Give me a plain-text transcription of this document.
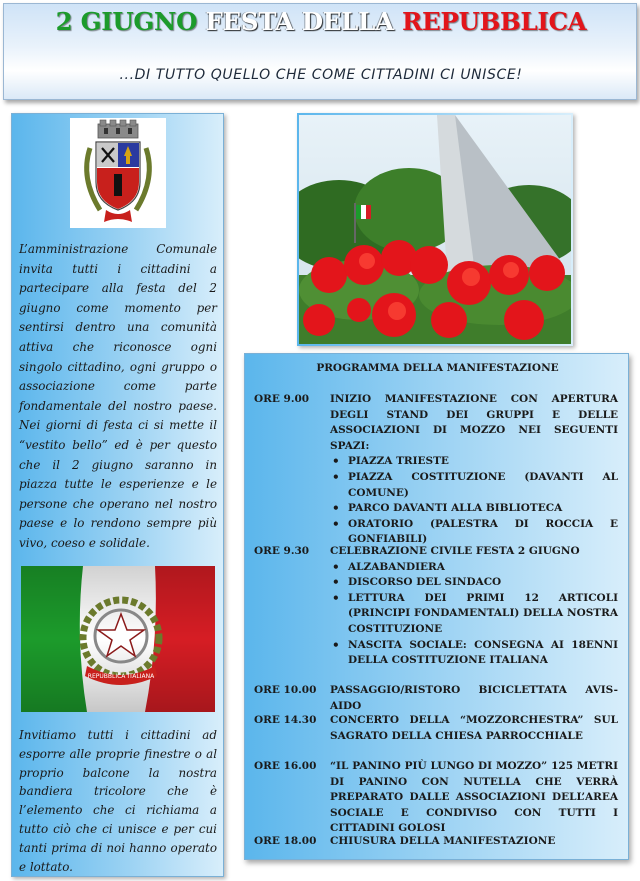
2 GIUGNO FESTA DELLA REPUBBLICA
...DI TUTTO QUELLO CHE COME CITTADINI CI UNISCE!
L’amministrazione Comunale invita tutti i cittadini a partecipare alla festa del 2 giugno come momento per sentirsi dentro una comunità attiva che riconosce ogni singolo cittadino, ogni gruppo o associazione come parte fondamentale del nostro paese. Nei giorni di festa ci si mette il “vestito bello” ed è per questo che il 2 giugno saranno in piazza tutte le esperienze e le persone che operano nel nostro paese e lo rendono sempre più vivo, coeso e solidale.
REPUBBLICA ITALIANA
Invitiamo tutti i cittadini ad esporre alle proprie finestre o al proprio balcone la nostra bandiera tricolore che è l’elemento che ci richiama a tutto ciò che ci unisce e per cui tanti prima di noi hanno operato e lottato.
PROGRAMMA DELLA MANIFESTAZIONE
ORE 9.00 INIZIO MANIFESTAZIONE CON APERTURA DEGLI STAND DEI GRUPPI E DELLE ASSOCIAZIONI DI MOZZO NEI SEGUENTI SPAZI:
• PIAZZA TRIESTE
• PIAZZA COSTITUZIONE (DAVANTI AL COMUNE)
• PARCO DAVANTI ALLA BIBLIOTECA
• ORATORIO (PALESTRA DI ROCCIA E GONFIABILI)
ORE 9.30 CELEBRAZIONE CIVILE FESTA 2 GIUGNO
• ALZABANDIERA
• DISCORSO DEL SINDACO
• LETTURA DEI PRIMI 12 ARTICOLI (PRINCIPI FONDAMENTALI) DELLA NOSTRA COSTITUZIONE
• NASCITA SOCIALE: CONSEGNA AI 18ENNI DELLA COSTITUZIONE ITALIANA
ORE 10.00 PASSAGGIO/RISTORO BICICLETTATA AVIS-AIDO
ORE 14.30 CONCERTO DELLA “MOZZORCHESTRA” SUL SAGRATO DELLA CHIESA PARROCCHIALE
ORE 16.00 “IL PANINO PIÙ LUNGO DI MOZZO” 125 METRI DI PANINO CON NUTELLA CHE VERRÀ PREPARATO DALLE ASSOCIAZIONI DELL’AREA SOCIALE E CONDIVISO CON TUTTI I CITTADINI GOLOSI
ORE 18.00 CHIUSURA DELLA MANIFESTAZIONE
